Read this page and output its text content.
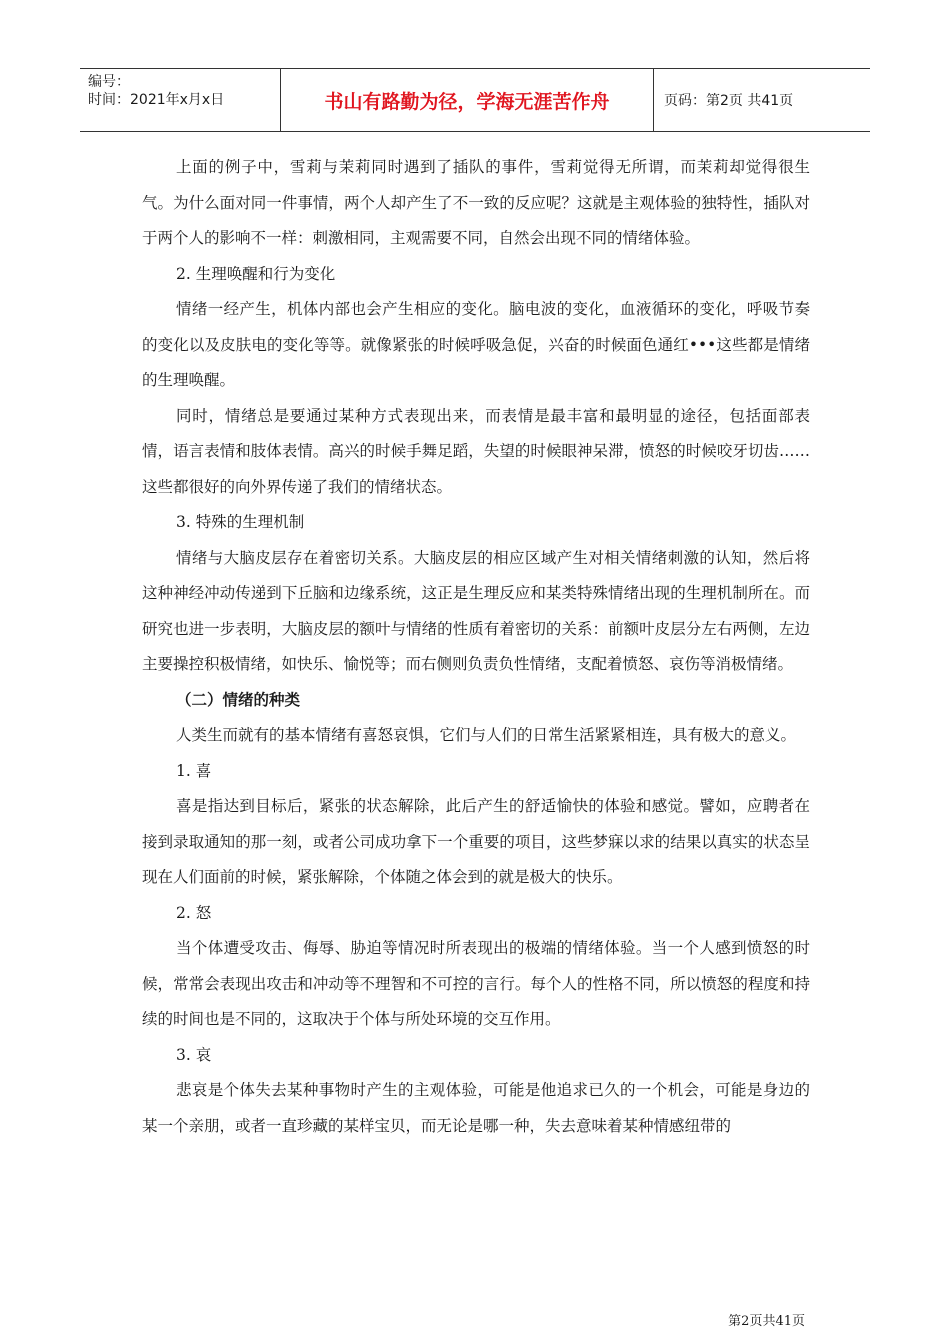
编号：
时间：2021年x月x日	书山有路勤为径，学海无涯苦作舟	页码：第2页 共41页

上面的例子中，雪莉与茉莉同时遇到了插队的事件，雪莉觉得无所谓，而茉莉却觉得很生气。为什么面对同一件事情，两个人却产生了不一致的反应呢？这就是主观体验的独特性，插队对于两个人的影响不一样：刺激相同，主观需要不同，自然会出现不同的情绪体验。

2. 生理唤醒和行为变化

情绪一经产生，机体内部也会产生相应的变化。脑电波的变化，血液循环的变化，呼吸节奏的变化以及皮肤电的变化等等。就像紧张的时候呼吸急促，兴奋的时候面色通红•••这些都是情绪的生理唤醒。

同时，情绪总是要通过某种方式表现出来，而表情是最丰富和最明显的途径，包括面部表情，语言表情和肢体表情。高兴的时候手舞足蹈，失望的时候眼神呆滞，愤怒的时候咬牙切齿…… 这些都很好的向外界传递了我们的情绪状态。

3. 特殊的生理机制

情绪与大脑皮层存在着密切关系。大脑皮层的相应区域产生对相关情绪刺激的认知，然后将这种神经冲动传递到下丘脑和边缘系统，这正是生理反应和某类特殊情绪出现的生理机制所在。而研究也进一步表明，大脑皮层的额叶与情绪的性质有着密切的关系：前额叶皮层分左右两侧，左边主要操控积极情绪，如快乐、愉悦等；而右侧则负责负性情绪，支配着愤怒、哀伤等消极情绪。

（二）情绪的种类

人类生而就有的基本情绪有喜怒哀惧，它们与人们的日常生活紧紧相连，具有极大的意义。

1. 喜

喜是指达到目标后，紧张的状态解除，此后产生的舒适愉快的体验和感觉。譬如，应聘者在接到录取通知的那一刻，或者公司成功拿下一个重要的项目，这些梦寐以求的结果以真实的状态呈现在人们面前的时候，紧张解除，个体随之体会到的就是极大的快乐。

2. 怒

当个体遭受攻击、侮辱、胁迫等情况时所表现出的极端的情绪体验。当一个人感到愤怒的时候，常常会表现出攻击和冲动等不理智和不可控的言行。每个人的性格不同，所以愤怒的程度和持续的时间也是不同的，这取决于个体与所处环境的交互作用。

3. 哀

悲哀是个体失去某种事物时产生的主观体验，可能是他追求已久的一个机会，可能是身边的某一个亲朋，或者一直珍藏的某样宝贝，而无论是哪一种，失去意味着某种情感纽带的

第2页共41页
